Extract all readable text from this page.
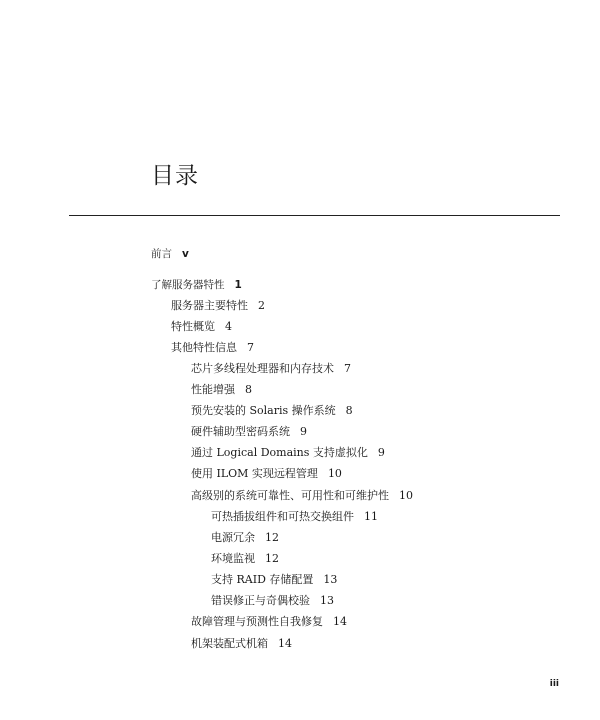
目录
前言 v
了解服务器特性 1
服务器主要特性 2
特性概览 4
其他特性信息 7
芯片多线程处理器和内存技术 7
性能增强 8
预先安装的 Solaris 操作系统 8
硬件辅助型密码系统 9
通过 Logical Domains 支持虚拟化 9
使用 ILOM 实现远程管理 10
高级别的系统可靠性、可用性和可维护性 10
可热插拔组件和可热交换组件 11
电源冗余 12
环境监视 12
支持 RAID 存储配置 13
错误修正与奇偶校验 13
故障管理与预测性自我修复 14
机架装配式机箱 14
iii
